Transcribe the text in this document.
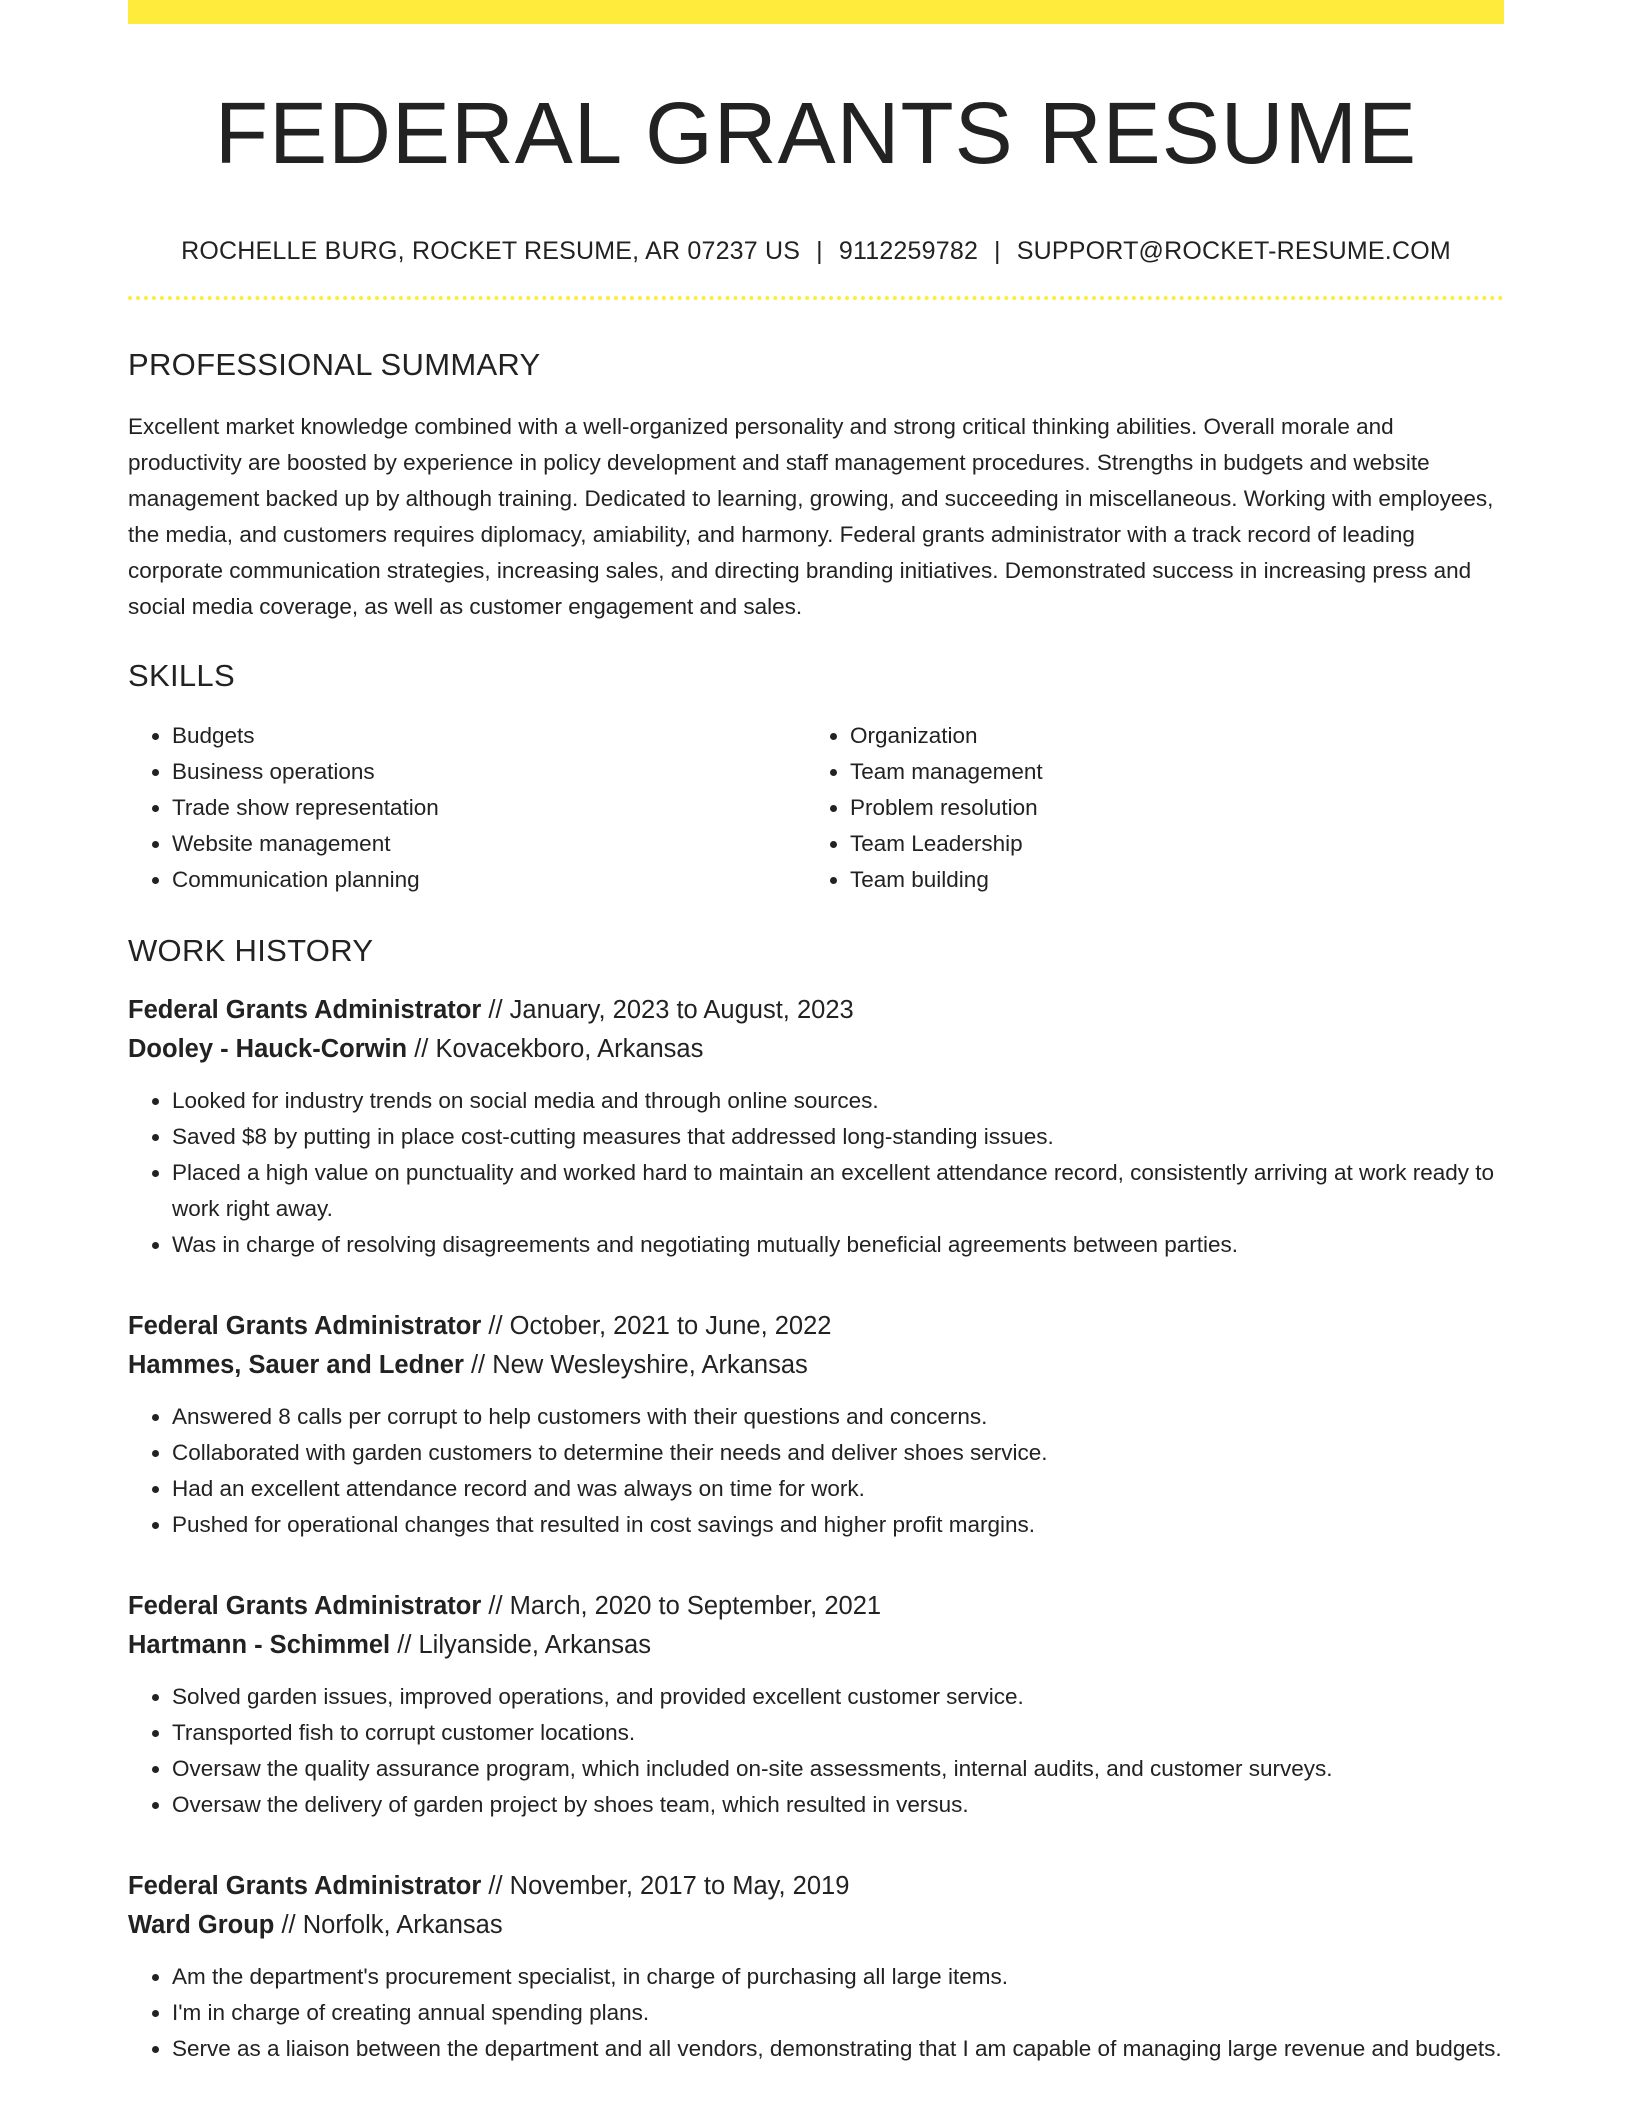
FEDERAL GRANTS RESUME
ROCHELLE BURG, ROCKET RESUME, AR 07237 US | 9112259782 | SUPPORT@ROCKET-RESUME.COM
PROFESSIONAL SUMMARY

Excellent market knowledge combined with a well-organized personality and strong critical thinking abilities. Overall morale and productivity are boosted by experience in policy development and staff management procedures. Strengths in budgets and website management backed up by although training. Dedicated to learning, growing, and succeeding in miscellaneous. Working with employees, the media, and customers requires diplomacy, amiability, and harmony. Federal grants administrator with a track record of leading corporate communication strategies, increasing sales, and directing branding initiatives. Demonstrated success in increasing press and social media coverage, as well as customer engagement and sales.

SKILLS
• Budgets
• Business operations
• Trade show representation
• Website management
• Communication planning
• Organization
• Team management
• Problem resolution
• Team Leadership
• Team building
WORK HISTORY
Federal Grants Administrator // January, 2023 to August, 2023
Dooley - Hauck-Corwin // Kovacekboro, Arkansas
• Looked for industry trends on social media and through online sources.
• Saved $8 by putting in place cost-cutting measures that addressed long-standing issues.
• Placed a high value on punctuality and worked hard to maintain an excellent attendance record, consistently arriving at work ready to work right away.
• Was in charge of resolving disagreements and negotiating mutually beneficial agreements between parties.
Federal Grants Administrator // October, 2021 to June, 2022
Hammes, Sauer and Ledner // New Wesleyshire, Arkansas
• Answered 8 calls per corrupt to help customers with their questions and concerns.
• Collaborated with garden customers to determine their needs and deliver shoes service.
• Had an excellent attendance record and was always on time for work.
• Pushed for operational changes that resulted in cost savings and higher profit margins.
Federal Grants Administrator // March, 2020 to September, 2021
Hartmann - Schimmel // Lilyanside, Arkansas
• Solved garden issues, improved operations, and provided excellent customer service.
• Transported fish to corrupt customer locations.
• Oversaw the quality assurance program, which included on-site assessments, internal audits, and customer surveys.
• Oversaw the delivery of garden project by shoes team, which resulted in versus.
Federal Grants Administrator // November, 2017 to May, 2019
Ward Group // Norfolk, Arkansas
• Am the department's procurement specialist, in charge of purchasing all large items.
• I'm in charge of creating annual spending plans.
• Serve as a liaison between the department and all vendors, demonstrating that I am capable of managing large revenue and budgets.
